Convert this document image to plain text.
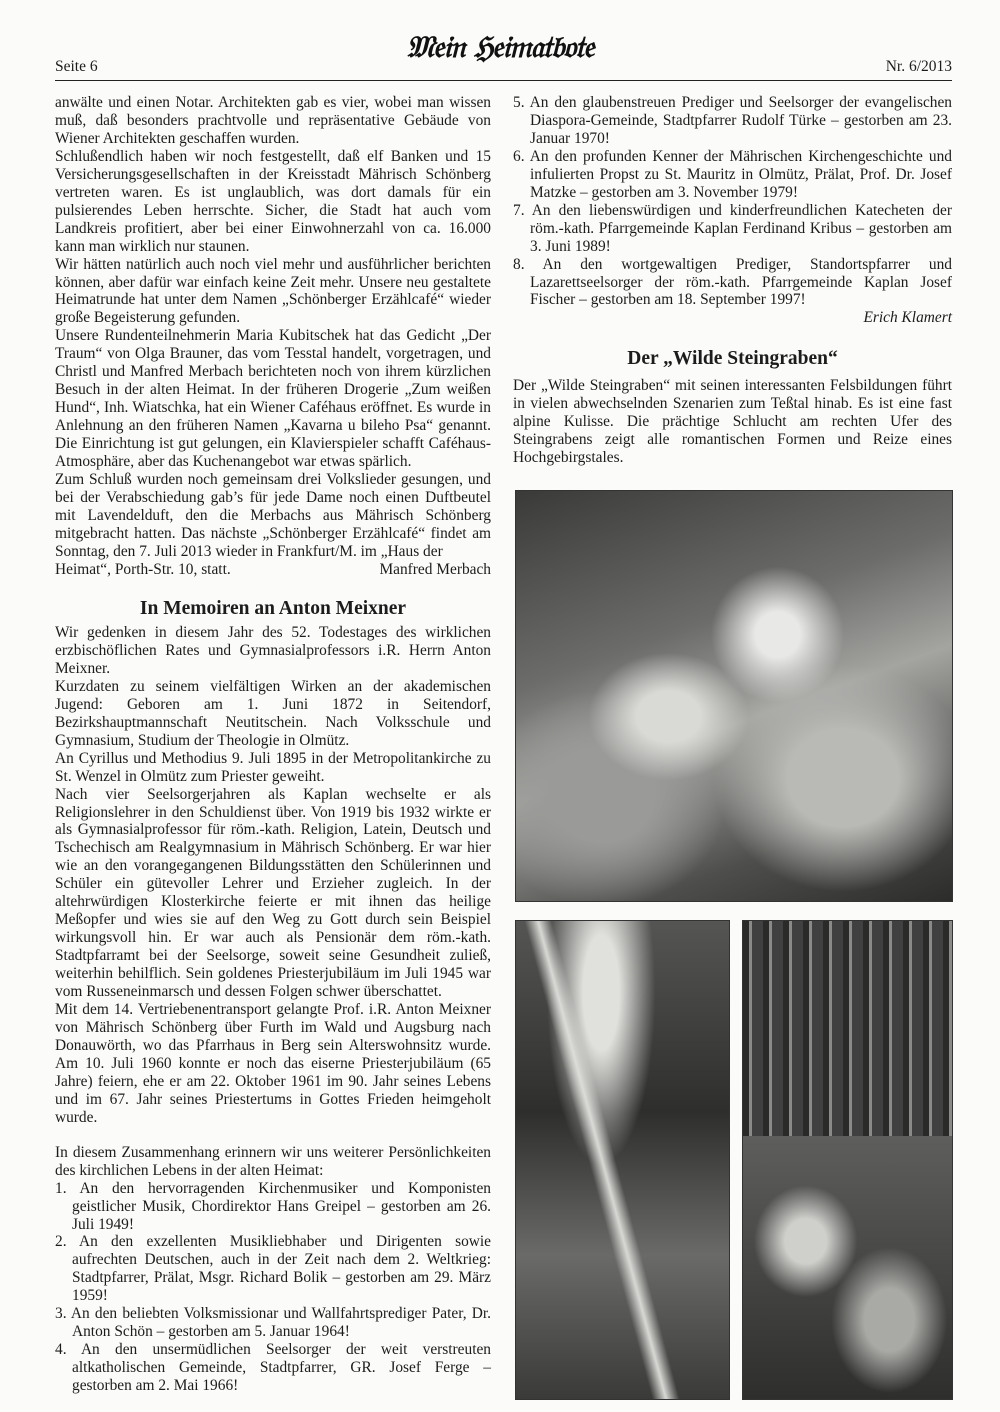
Seite 6
𝔐𝔢𝔦𝔫 ℌ𝔢𝔦𝔪𝔞𝔱𝔟𝔬𝔱𝔢
Nr. 6/2013

anwälte und einen Notar. Architekten gab es vier, wobei man wissen muß, daß besonders prachtvolle und repräsentative Gebäude von Wiener Architekten geschaffen wurden.

Schlußendlich haben wir noch festgestellt, daß elf Banken und 15 Versicherungsgesellschaften in der Kreisstadt Mährisch Schönberg vertreten waren. Es ist unglaublich, was dort damals für ein pulsierendes Leben herrschte. Sicher, die Stadt hat auch vom Landkreis profitiert, aber bei einer Einwohnerzahl von ca. 16.000 kann man wirklich nur staunen.

Wir hätten natürlich auch noch viel mehr und ausführlicher berichten können, aber dafür war einfach keine Zeit mehr. Unsere neu gestaltete Heimatrunde hat unter dem Namen „Schönberger Erzählcafé“ wieder große Begeisterung gefunden.

Unsere Rundenteilnehmerin Maria Kubitschek hat das Gedicht „Der Traum“ von Olga Brauner, das vom Tesstal handelt, vorgetragen, und Christl und Manfred Merbach berichteten noch von ihrem kürzlichen Besuch in der alten Heimat. In der früheren Drogerie „Zum weißen Hund“, Inh. Wiatschka, hat ein Wiener Caféhaus eröffnet. Es wurde in Anlehnung an den früheren Namen „Kavarna u bileho Psa“ genannt. Die Einrichtung ist gut gelungen, ein Klavierspieler schafft Caféhaus-Atmosphäre, aber das Kuchenangebot war etwas spärlich.

Zum Schluß wurden noch gemeinsam drei Volkslieder gesungen, und bei der Verabschiedung gab’s für jede Dame noch einen Duftbeutel mit Lavendelduft, den die Merbachs aus Mährisch Schönberg mitgebracht hatten. Das nächste „Schönberger Erzählcafé“ findet am Sonntag, den 7. Juli 2013 wieder in Frankfurt/M. im „Haus der

Heimat“, Porth-Str. 10, statt.	Manfred Merbach
In Memoiren an Anton Meixner

Wir gedenken in diesem Jahr des 52. Todestages des wirklichen erzbischöflichen Rates und Gymnasialprofessors i.R. Herrn Anton Meixner.

Kurzdaten zu seinem vielfältigen Wirken an der akademischen Jugend: Geboren am 1. Juni 1872 in Seitendorf, Bezirkshauptmannschaft Neutitschein. Nach Volksschule und Gymnasium, Studium der Theologie in Olmütz.

An Cyrillus und Methodius 9. Juli 1895 in der Metropolitankirche zu St. Wenzel in Olmütz zum Priester geweiht.

Nach vier Seelsorgerjahren als Kaplan wechselte er als Religionslehrer in den Schuldienst über. Von 1919 bis 1932 wirkte er als Gymnasialprofessor für röm.-kath. Religion, Latein, Deutsch und Tschechisch am Realgymnasium in Mährisch Schönberg. Er war hier wie an den vorangegangenen Bildungsstätten den Schülerinnen und Schüler ein gütevoller Lehrer und Erzieher zugleich. In der altehrwürdigen Klosterkirche feierte er mit ihnen das heilige Meßopfer und wies sie auf den Weg zu Gott durch sein Beispiel wirkungsvoll hin. Er war auch als Pensionär dem röm.-kath. Stadtpfarramt bei der Seelsorge, soweit seine Gesundheit zuließ, weiterhin behilflich. Sein goldenes Priesterjubiläum im Juli 1945 war vom Russeneinmarsch und dessen Folgen schwer überschattet.

Mit dem 14. Vertriebenentransport gelangte Prof. i.R. Anton Meixner von Mährisch Schönberg über Furth im Wald und Augsburg nach Donauwörth, wo das Pfarrhaus in Berg sein Alterswohnsitz wurde. Am 10. Juli 1960 konnte er noch das eiserne Priesterjubiläum (65 Jahre) feiern, ehe er am 22. Oktober 1961 im 90. Jahr seines Lebens und im 67. Jahr seines Priestertums in Gottes Frieden heimgeholt wurde.

In diesem Zusammenhang erinnern wir uns weiterer Persönlichkeiten des kirchlichen Lebens in der alten Heimat:

1. An den hervorragenden Kirchenmusiker und Komponisten geistlicher Musik, Chordirektor Hans Greipel – gestorben am 26. Juli 1949!
2. An den exzellenten Musikliebhaber und Dirigenten sowie aufrechten Deutschen, auch in der Zeit nach dem 2. Weltkrieg: Stadtpfarrer, Prälat, Msgr. Richard Bolik – gestorben am 29. März 1959!
3. An den beliebten Volksmissionar und Wallfahrtsprediger Pater, Dr. Anton Schön – gestorben am 5. Januar 1964!
4. An den unsermüdlichen Seelsorger der weit verstreuten altkatholischen Gemeinde, Stadtpfarrer, GR. Josef Ferge – gestorben am 2. Mai 1966!
5. An den glaubenstreuen Prediger und Seelsorger der evangelischen Diaspora-Gemeinde, Stadtpfarrer Rudolf Türke – gestorben am 23. Januar 1970!
6. An den profunden Kenner der Mährischen Kirchengeschichte und infulierten Propst zu St. Mauritz in Olmütz, Prälat, Prof. Dr. Josef Matzke – gestorben am 3. November 1979!
7. An den liebenswürdigen und kinderfreundlichen Katecheten der röm.-kath. Pfarrgemeinde Kaplan Ferdinand Kribus – gestorben am 3. Juni 1989!
8. An den wortgewaltigen Prediger, Standortspfarrer und Lazarettseelsorger der röm.-kath. Pfarrgemeinde Kaplan Josef Fischer – gestorben am 18. September 1997!
Erich Klamert
Der „Wilde Steingraben“
Der „Wilde Steingraben“ mit seinen interessanten Felsbildungen führt in vielen abwechselnden Szenarien zum Teßtal hinab. Es ist eine fast alpine Kulisse. Die prächtige Schlucht am rechten Ufer des Steingrabens zeigt alle romantischen Formen und Reize eines Hochgebirgstales.
